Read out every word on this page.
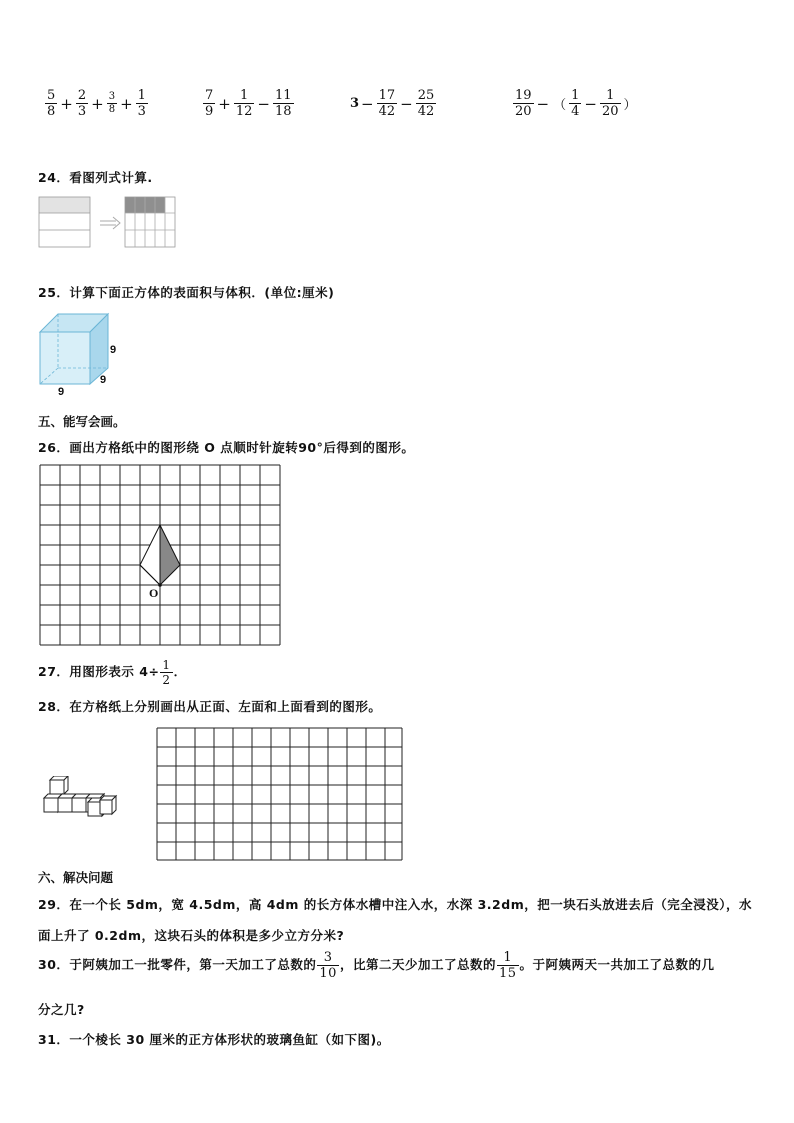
$\frac{5}{8} + \frac{2}{3} + \frac{3}{8} + \frac{1}{3}$	$\frac{7}{9} + \frac{1}{12} - \frac{11}{18}$	$3 - \frac{17}{42} - \frac{25}{42}$	$\frac{19}{20}$ − （ $\frac{1}{4} - \frac{1}{20}$ ）
24．看图列式计算.
25．计算下面正方体的表面积与体积．(单位:厘米)
9
9
9
五、能写会画。
26．画出方格纸中的图形绕 O 点顺时针旋转90°后得到的图形。
O
27．用图形表示 $4\div \frac{1}{2}$ ．
28．在方格纸上分别画出从正面、左面和上面看到的图形。
六、解决问题
29．在一个长 5dm，宽 4.5dm，高 4dm 的长方体水槽中注入水，水深 3.2dm，把一块石头放进去后（完全浸没），水
面上升了 0.2dm，这块石头的体积是多少立方分米?
30．于阿姨加工一批零件，第一天加工了总数的 $\frac{3}{10}$ ，比第二天少加工了总数的 $\frac{1}{15}$ 。于阿姨两天一共加工了总数的几
分之几?
31．一个棱长 30 厘米的正方体形状的玻璃鱼缸（如下图)。
